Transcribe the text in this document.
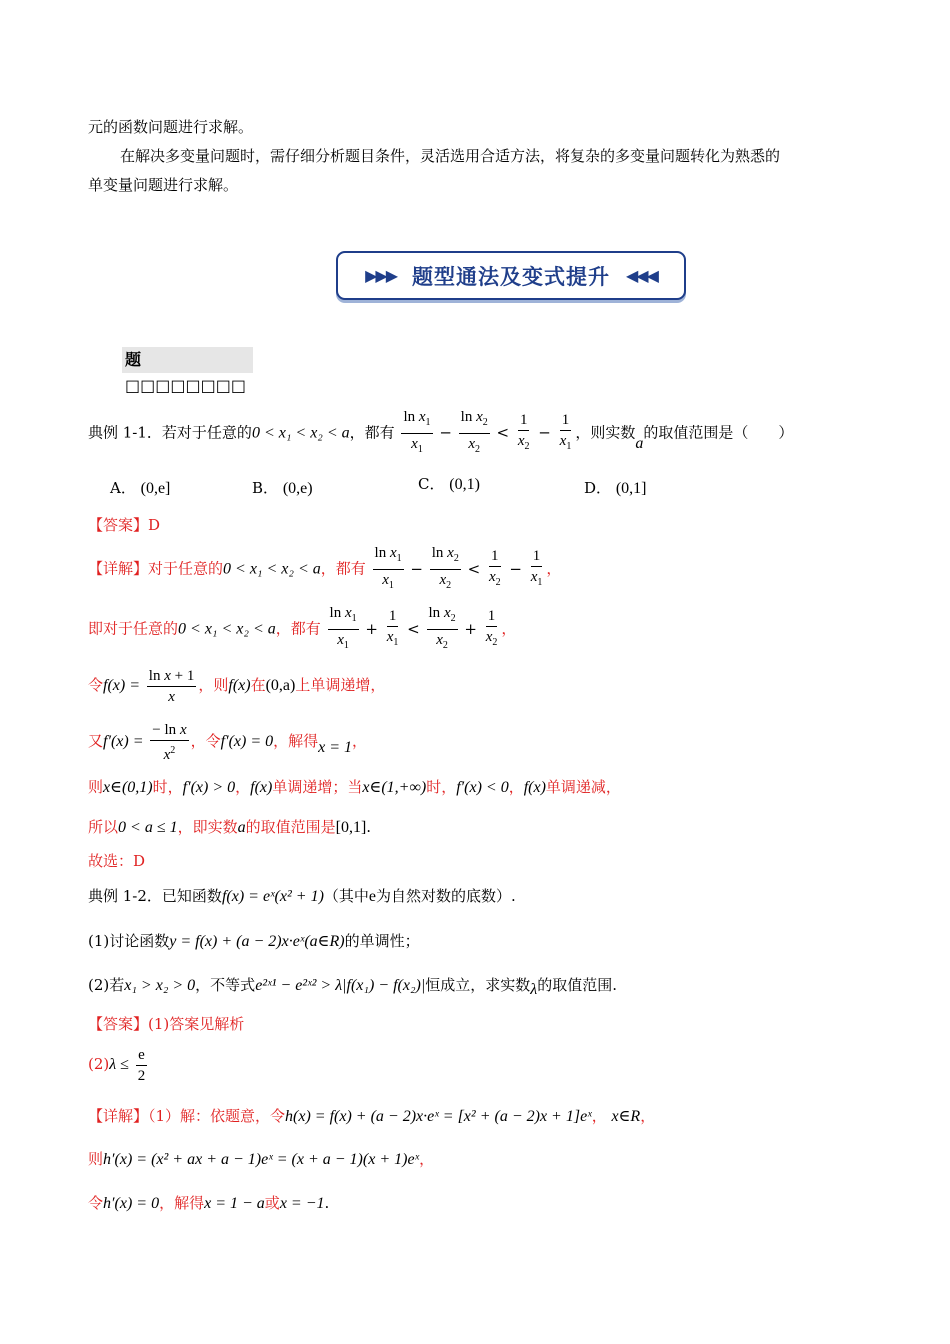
元的函数问题进行求解。
在解决多变量问题时，需仔细分析题目条件，灵活选用合适方法，将复杂的多变量问题转化为熟悉的
单变量问题进行求解。
▶▶▶ 题型通法及变式提升 ◀◀◀
题□□□□□□□□
典例 1-1．若对于任意的0 < x₁ < x₂ < a，都有 $\frac{\ln x_1}{x_1} - \frac{\ln x_2}{x_2} < \frac{1}{x_2} - \frac{1}{x_1}$ ，则实数a的取值范围是（　　）
A． (0,e]	B． (0,e)	C． (0,1)	D． (0,1]
【答案】D
【详解】对于任意的0 < x₁ < x₂ < a，都有 $\frac{\ln x_1}{x_1} - \frac{\ln x_2}{x_2} < \frac{1}{x_2} - \frac{1}{x_1}$ ，
即对于任意的0 < x₁ < x₂ < a，都有 $\frac{\ln x_1}{x_1} + \frac{1}{x_1} < \frac{\ln x_2}{x_2} + \frac{1}{x_2}$ ，
令$f(x) = \frac{\text{ln x + 1}}{x}$ ，则f(x)在(0,a)上单调递增，
又$f'(x) = \frac{\text{− ln x}}{x^2}$ ，令f′(x) = 0，解得x = 1，
则x∈(0,1)时，f′(x) > 0，f(x)单调递增；当x∈(1,+∞)时，f′(x) < 0，f(x)单调递减，
所以0 < a ≤ 1，即实数a的取值范围是[0,1].
故选：D
典例 1-2．已知函数f(x) = eˣ(x² + 1)（其中e为自然对数的底数）.
(1)讨论函数y = f(x) + (a − 2)x·eˣ(a∈R)的单调性；
(2)若x₁ > x₂ > 0，不等式e²ˣ¹ − e²ˣ² > λ|f(x₁) − f(x₂)|恒成立，求实数λ的取值范围.
【答案】(1)答案见解析
$(2)\lambda \le \frac{e}{2}$
【详解】（1）解：依题意，令h(x) = f(x) + (a − 2)x·eˣ = [x² + (a − 2)x + 1]eˣ， x∈R，
则h′(x) = (x² + ax + a − 1)eˣ = (x + a − 1)(x + 1)eˣ，
令h′(x) = 0，解得x = 1 − a或x = −1.
